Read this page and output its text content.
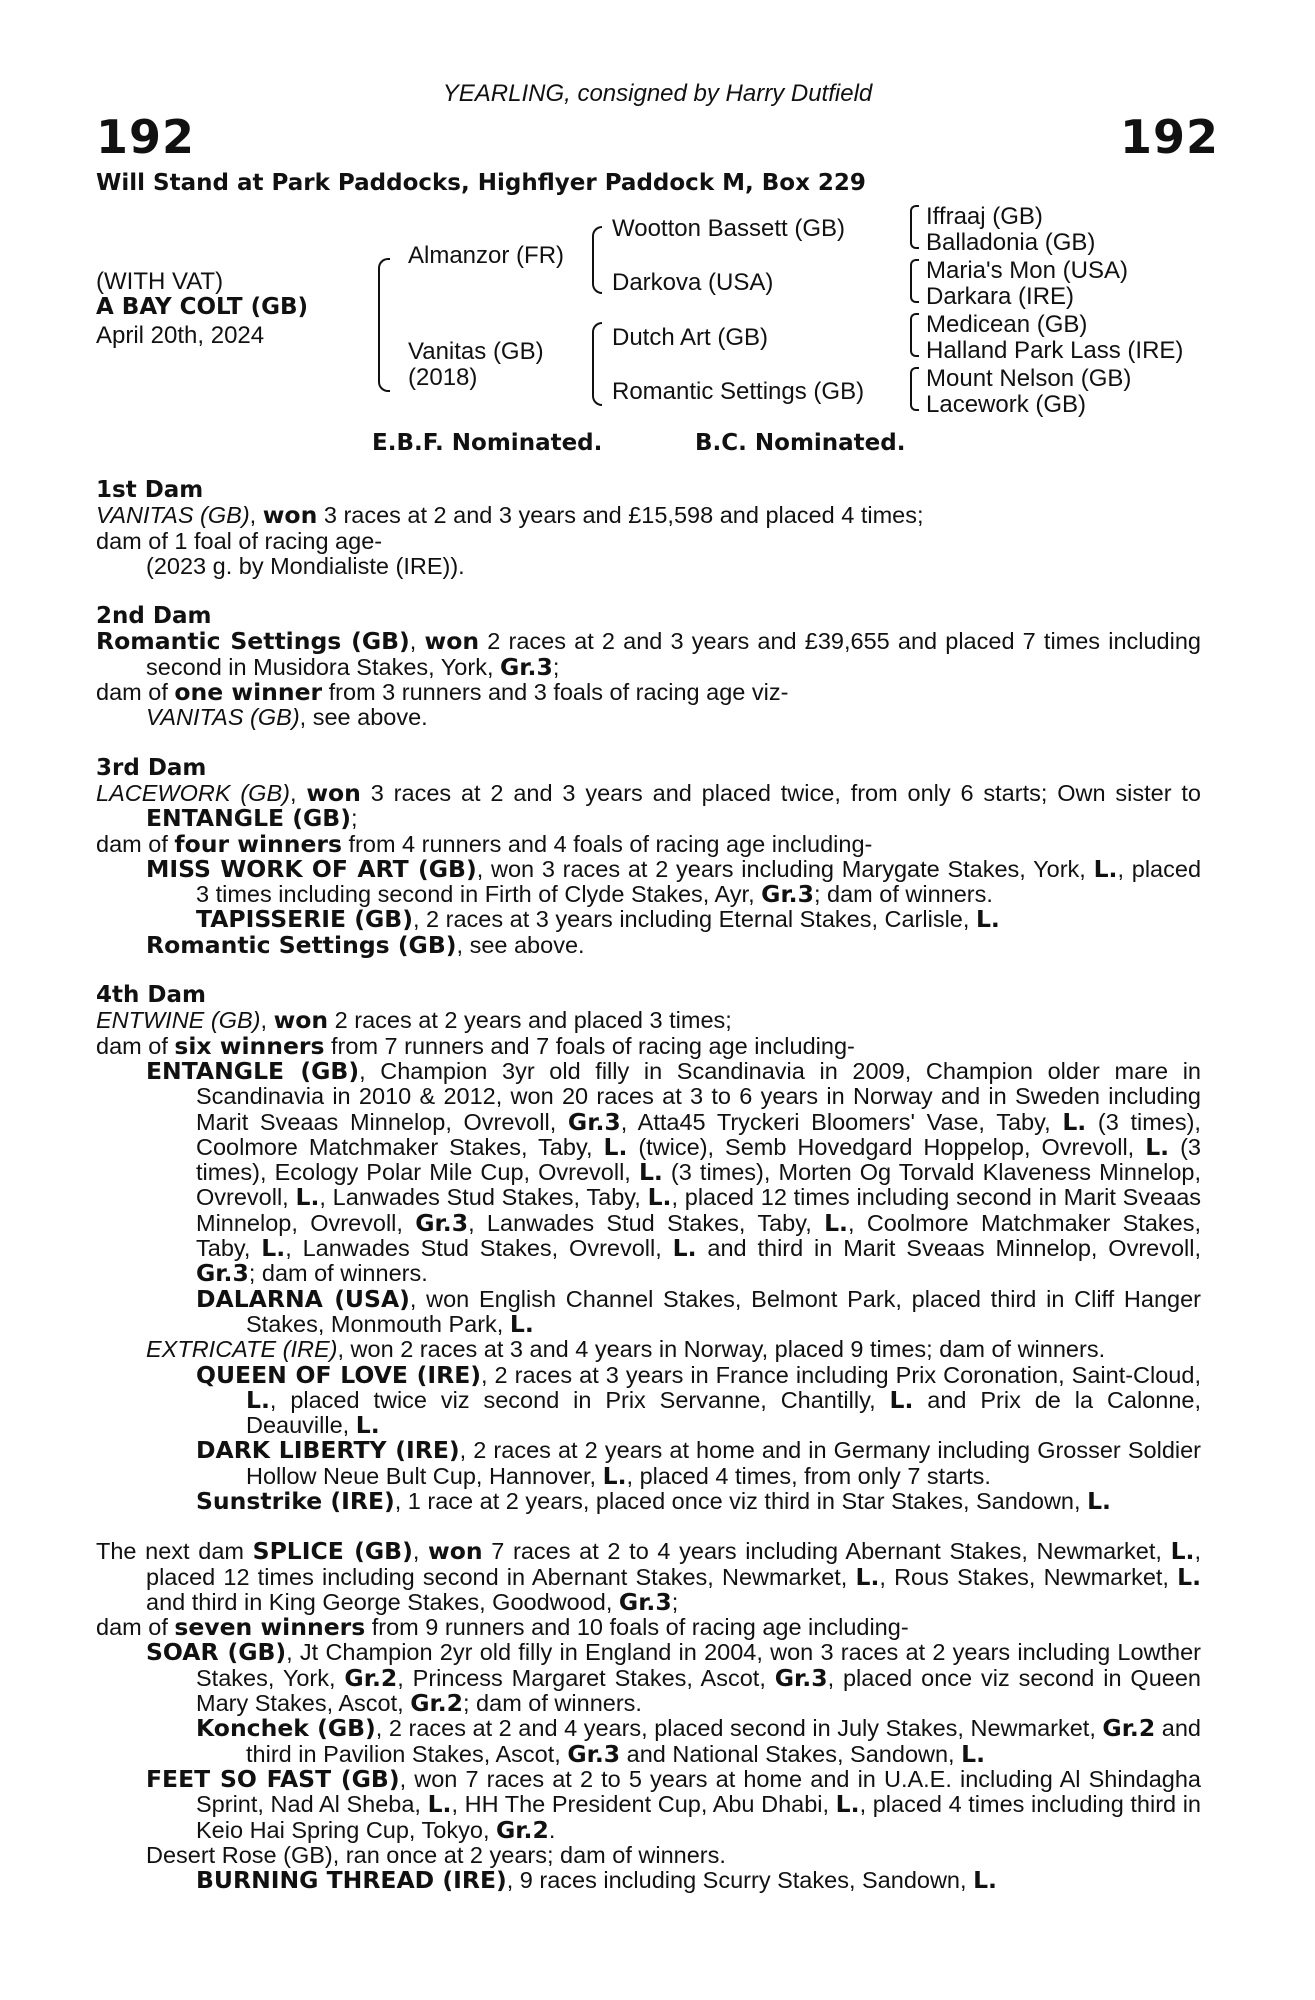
YEARLING, consigned by Harry Dutfield
192	192
Will Stand at Park Paddocks, Highflyer Paddock M, Box 229
(WITH VAT)
A BAY COLT (GB)
April 20th, 2024
Almanzor (FR)
Vanitas (GB)
(2018)
Wootton Bassett (GB)
Darkova (USA)
Dutch Art (GB)
Romantic Settings (GB)
Iffraaj (GB)
Balladonia (GB)
Maria's Mon (USA)
Darkara (IRE)
Medicean (GB)
Halland Park Lass (IRE)
Mount Nelson (GB)
Lacework (GB)
E.B.F. Nominated.	B.C. Nominated.
1st Dam

VANITAS (GB), won 3 races at 2 and 3 years and £15,598 and placed 4 times;

dam of 1 foal of racing age-

(2023 g. by Mondialiste (IRE)).

2nd Dam

Romantic Settings (GB), won 2 races at 2 and 3 years and £39,655 and placed 7 times including second in Musidora Stakes, York, Gr.3;

dam of one winner from 3 runners and 3 foals of racing age viz-

VANITAS (GB), see above.

3rd Dam

LACEWORK (GB), won 3 races at 2 and 3 years and placed twice, from only 6 starts; Own sister to ENTANGLE (GB);

dam of four winners from 4 runners and 4 foals of racing age including-

MISS WORK OF ART (GB), won 3 races at 2 years including Marygate Stakes, York, L., placed 3 times including second in Firth of Clyde Stakes, Ayr, Gr.3; dam of winners.

TAPISSERIE (GB), 2 races at 3 years including Eternal Stakes, Carlisle, L.

Romantic Settings (GB), see above.

4th Dam

ENTWINE (GB), won 2 races at 2 years and placed 3 times;

dam of six winners from 7 runners and 7 foals of racing age including-

ENTANGLE (GB), Champion 3yr old filly in Scandinavia in 2009, Champion older mare in Scandinavia in 2010 & 2012, won 20 races at 3 to 6 years in Norway and in Sweden including Marit Sveaas Minnelop, Ovrevoll, Gr.3, Atta45 Tryckeri Bloomers' Vase, Taby, L. (3 times), Coolmore Matchmaker Stakes, Taby, L. (twice), Semb Hovedgard Hoppelop, Ovrevoll, L. (3 times), Ecology Polar Mile Cup, Ovrevoll, L. (3 times), Morten Og Torvald Klaveness Minnelop, Ovrevoll, L., Lanwades Stud Stakes, Taby, L., placed 12 times including second in Marit Sveaas Minnelop, Ovrevoll, Gr.3, Lanwades Stud Stakes, Taby, L., Coolmore Matchmaker Stakes, Taby, L., Lanwades Stud Stakes, Ovrevoll, L. and third in Marit Sveaas Minnelop, Ovrevoll, Gr.3; dam of winners.

DALARNA (USA), won English Channel Stakes, Belmont Park, placed third in Cliff Hanger Stakes, Monmouth Park, L.

EXTRICATE (IRE), won 2 races at 3 and 4 years in Norway, placed 9 times; dam of winners.

QUEEN OF LOVE (IRE), 2 races at 3 years in France including Prix Coronation, Saint-Cloud, L., placed twice viz second in Prix Servanne, Chantilly, L. and Prix de la Calonne, Deauville, L.

DARK LIBERTY (IRE), 2 races at 2 years at home and in Germany including Grosser Soldier Hollow Neue Bult Cup, Hannover, L., placed 4 times, from only 7 starts.

Sunstrike (IRE), 1 race at 2 years, placed once viz third in Star Stakes, Sandown, L.

The next dam SPLICE (GB), won 7 races at 2 to 4 years including Abernant Stakes, Newmarket, L., placed 12 times including second in Abernant Stakes, Newmarket, L., Rous Stakes, Newmarket, L. and third in King George Stakes, Goodwood, Gr.3;

dam of seven winners from 9 runners and 10 foals of racing age including-

SOAR (GB), Jt Champion 2yr old filly in England in 2004, won 3 races at 2 years including Lowther Stakes, York, Gr.2, Princess Margaret Stakes, Ascot, Gr.3, placed once viz second in Queen Mary Stakes, Ascot, Gr.2; dam of winners.

Konchek (GB), 2 races at 2 and 4 years, placed second in July Stakes, Newmarket, Gr.2 and third in Pavilion Stakes, Ascot, Gr.3 and National Stakes, Sandown, L.

FEET SO FAST (GB), won 7 races at 2 to 5 years at home and in U.A.E. including Al Shindagha Sprint, Nad Al Sheba, L., HH The President Cup, Abu Dhabi, L., placed 4 times including third in Keio Hai Spring Cup, Tokyo, Gr.2.

Desert Rose (GB), ran once at 2 years; dam of winners.

BURNING THREAD (IRE), 9 races including Scurry Stakes, Sandown, L.
